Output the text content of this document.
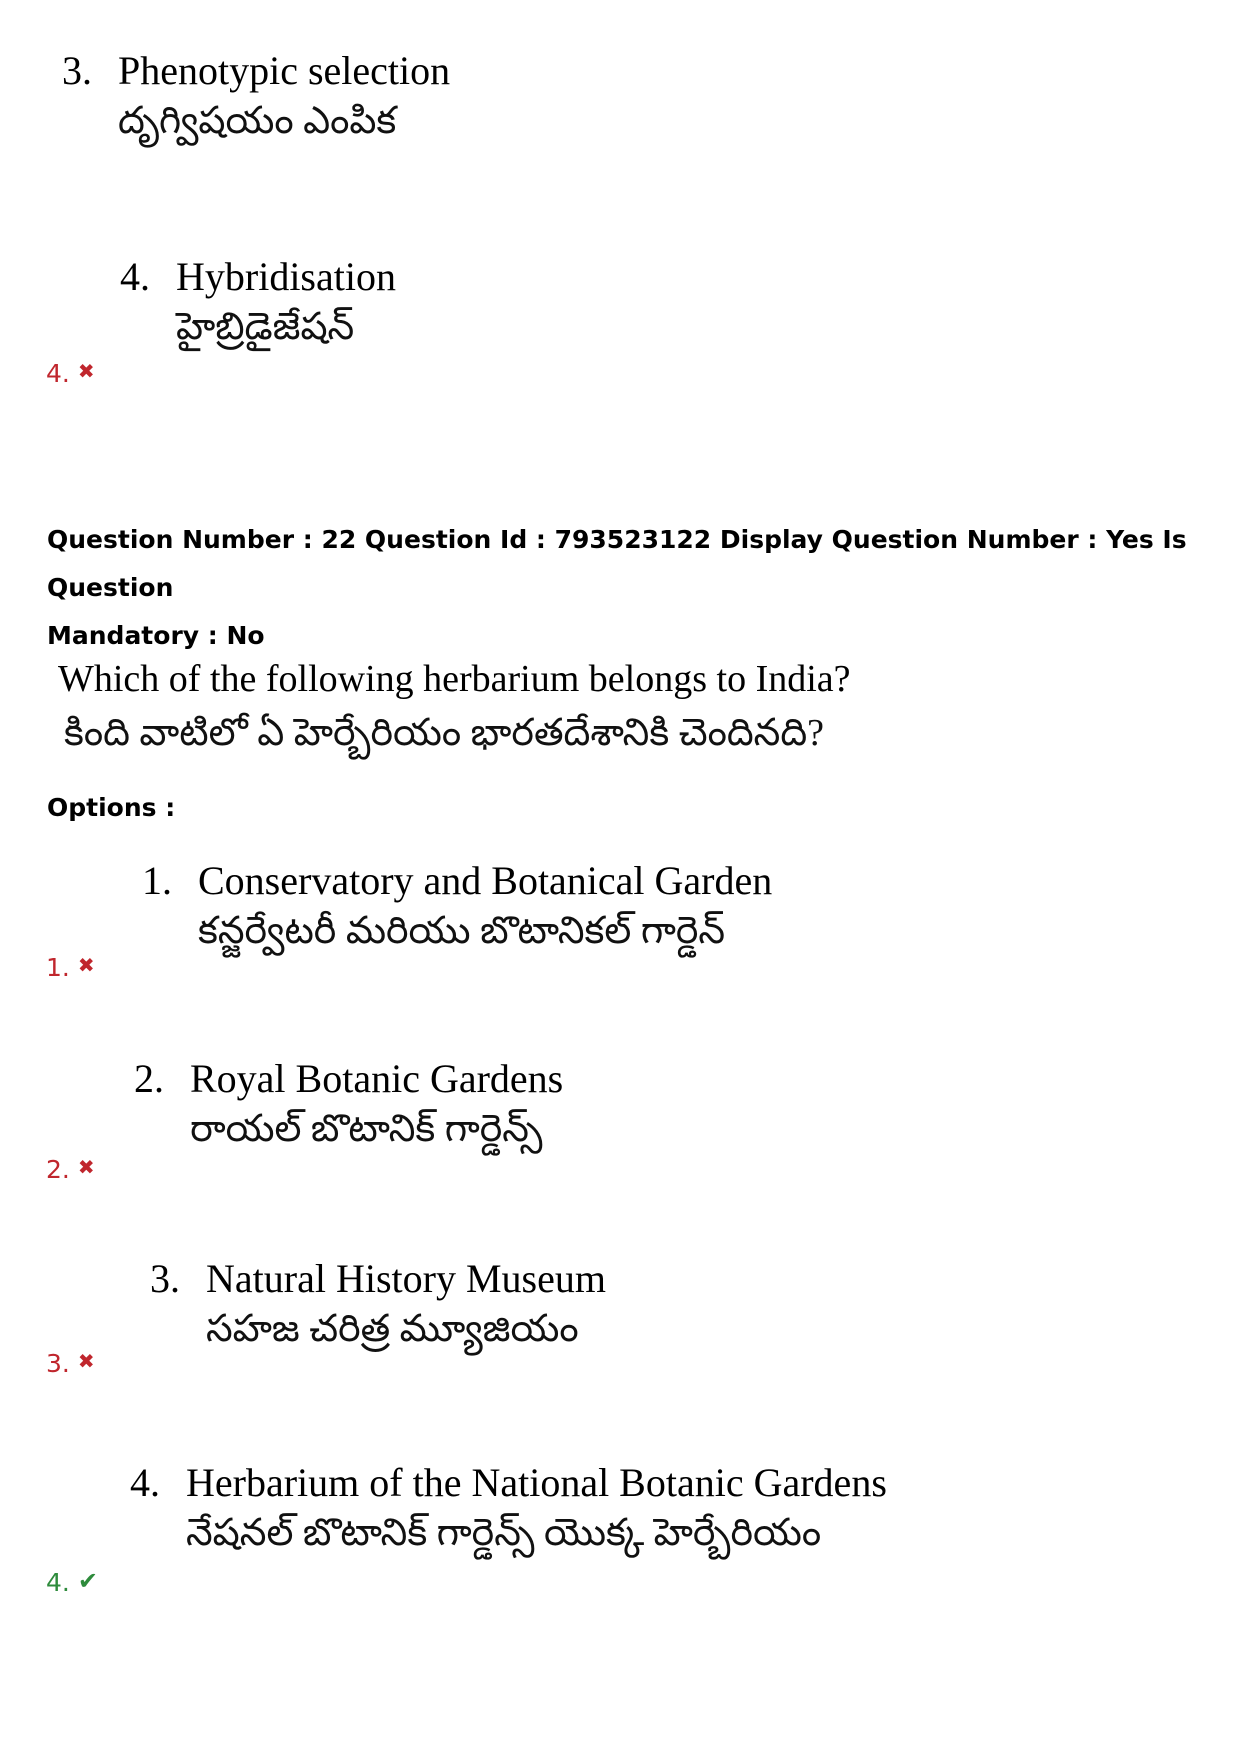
3. Phenotypic selection
దృగ్విషయం ఎంపిక
4. Hybridisation
హైబ్రిడైజేషన్
4. ✖
Question Number : 22 Question Id : 793523122 Display Question Number : Yes Is Question
Mandatory : No
Which of the following herbarium belongs to India?
కింది వాటిలో ఏ హెర్బేరియం భారతదేశానికి చెందినది?
Options :
1. Conservatory and Botanical Garden
కన్జర్వేటరీ మరియు బొటానికల్ గార్డెన్
1. ✖
2. Royal Botanic Gardens
రాయల్ బొటానిక్ గార్డెన్స్
2. ✖
3. Natural History Museum
సహజ చరిత్ర మ్యూజియం
3. ✖
4. Herbarium of the National Botanic Gardens
నేషనల్ బొటానిక్ గార్డెన్స్ యొక్క హెర్బేరియం
4. ✔
